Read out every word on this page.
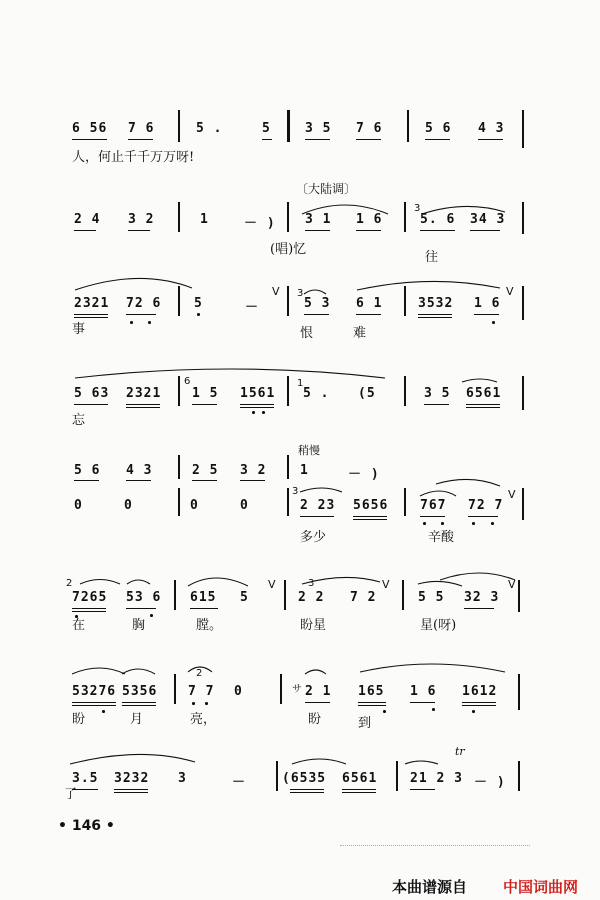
6 56 7 6	5 .	5	3 5 7 6	5 6 4 3
人，何止千千万万呀!
〔大陆调〕
2 4 3 2	1	－ ) 3 1 1 6
3
5. 6 34 3
(唱)忆
往
2321 72 6	5	－
V 3
5 3 6 1	3532 1 6
V
事	恨	难
5 63 2321
6
1 5 1561
1
5 . (5	3 5 6561
忘
稍慢
5 6 4 3	2 5 3 2	1	－ )
0	0	0	0
3
2 23 5656 767 72 7
V
多少	辛酸
2
7265 53 6 615 5
V	3
2 2 7 2
V
5 5 32 3
V
在	胸	膛。	盼星	星(呀)
53276 5356
2
7 7 0	サ 2 1 165 1 6 1612
盼	月	亮，	盼	到
tr
3.5 3232 3	－	(6535 6561	21 2 3 － )
了
• 146 •
本曲谱源自 中国词曲网
